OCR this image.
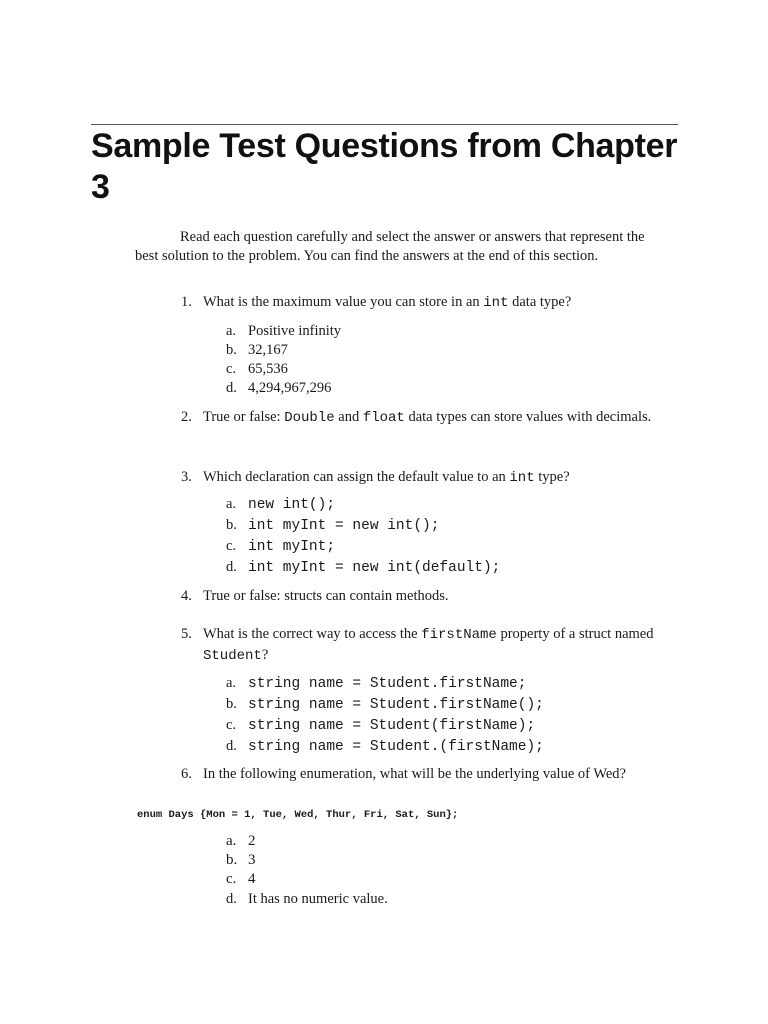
Sample Test Questions from Chapter 3
Read each question carefully and select the answer or answers that represent the best solution to the problem. You can find the answers at the end of this section.
1. What is the maximum value you can store in an int data type?
a. Positive infinity
b. 32,167
c. 65,536
d. 4,294,967,296
2. True or false: Double and float data types can store values with decimals.
3. Which declaration can assign the default value to an int type?
a. new int();
b. int myInt = new int();
c. int myInt;
d. int myInt = new int(default);
4. True or false: structs can contain methods.
5. What is the correct way to access the firstName property of a struct named Student?
a. string name = Student.firstName;
b. string name = Student.firstName();
c. string name = Student(firstName);
d. string name = Student.(firstName);
6. In the following enumeration, what will be the underlying value of Wed?
enum Days {Mon = 1, Tue, Wed, Thur, Fri, Sat, Sun};
a. 2
b. 3
c. 4
d. It has no numeric value.
